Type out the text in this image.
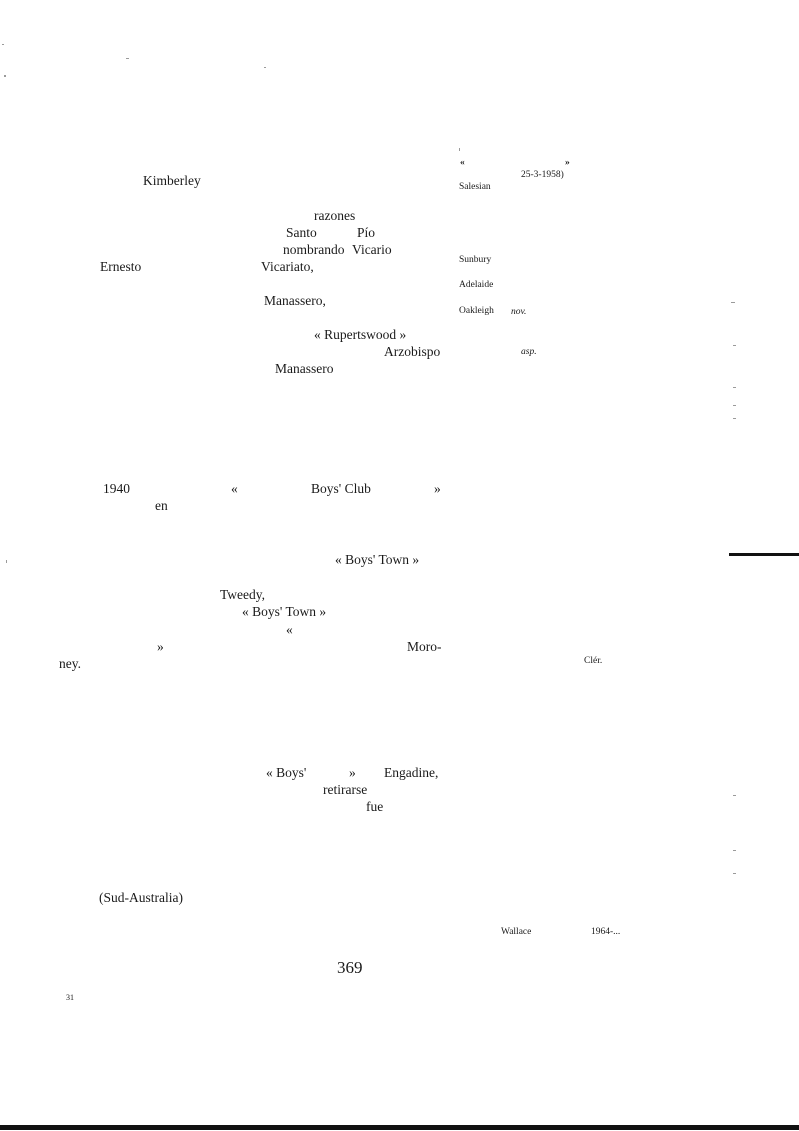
Kimberley
razones
Santo	Pío
nombrando Vicario
Ernesto	Vicariato,
Manassero,
« Rupertswood »
Arzobispo
Manassero
1940	«	Boys' Club	»
en
« Boys' Town »
Tweedy,
« Boys' Town »
«
»	Moro-
ney.
« Boys'	» Engadine,
retirarse
fue
(Sud-Australia)
«	»
25-3-1958)
Salesian
Sunbury
Adelaide
Oakleigh nov.
asp.
Clér.
Wallace	1964-...
369
31
